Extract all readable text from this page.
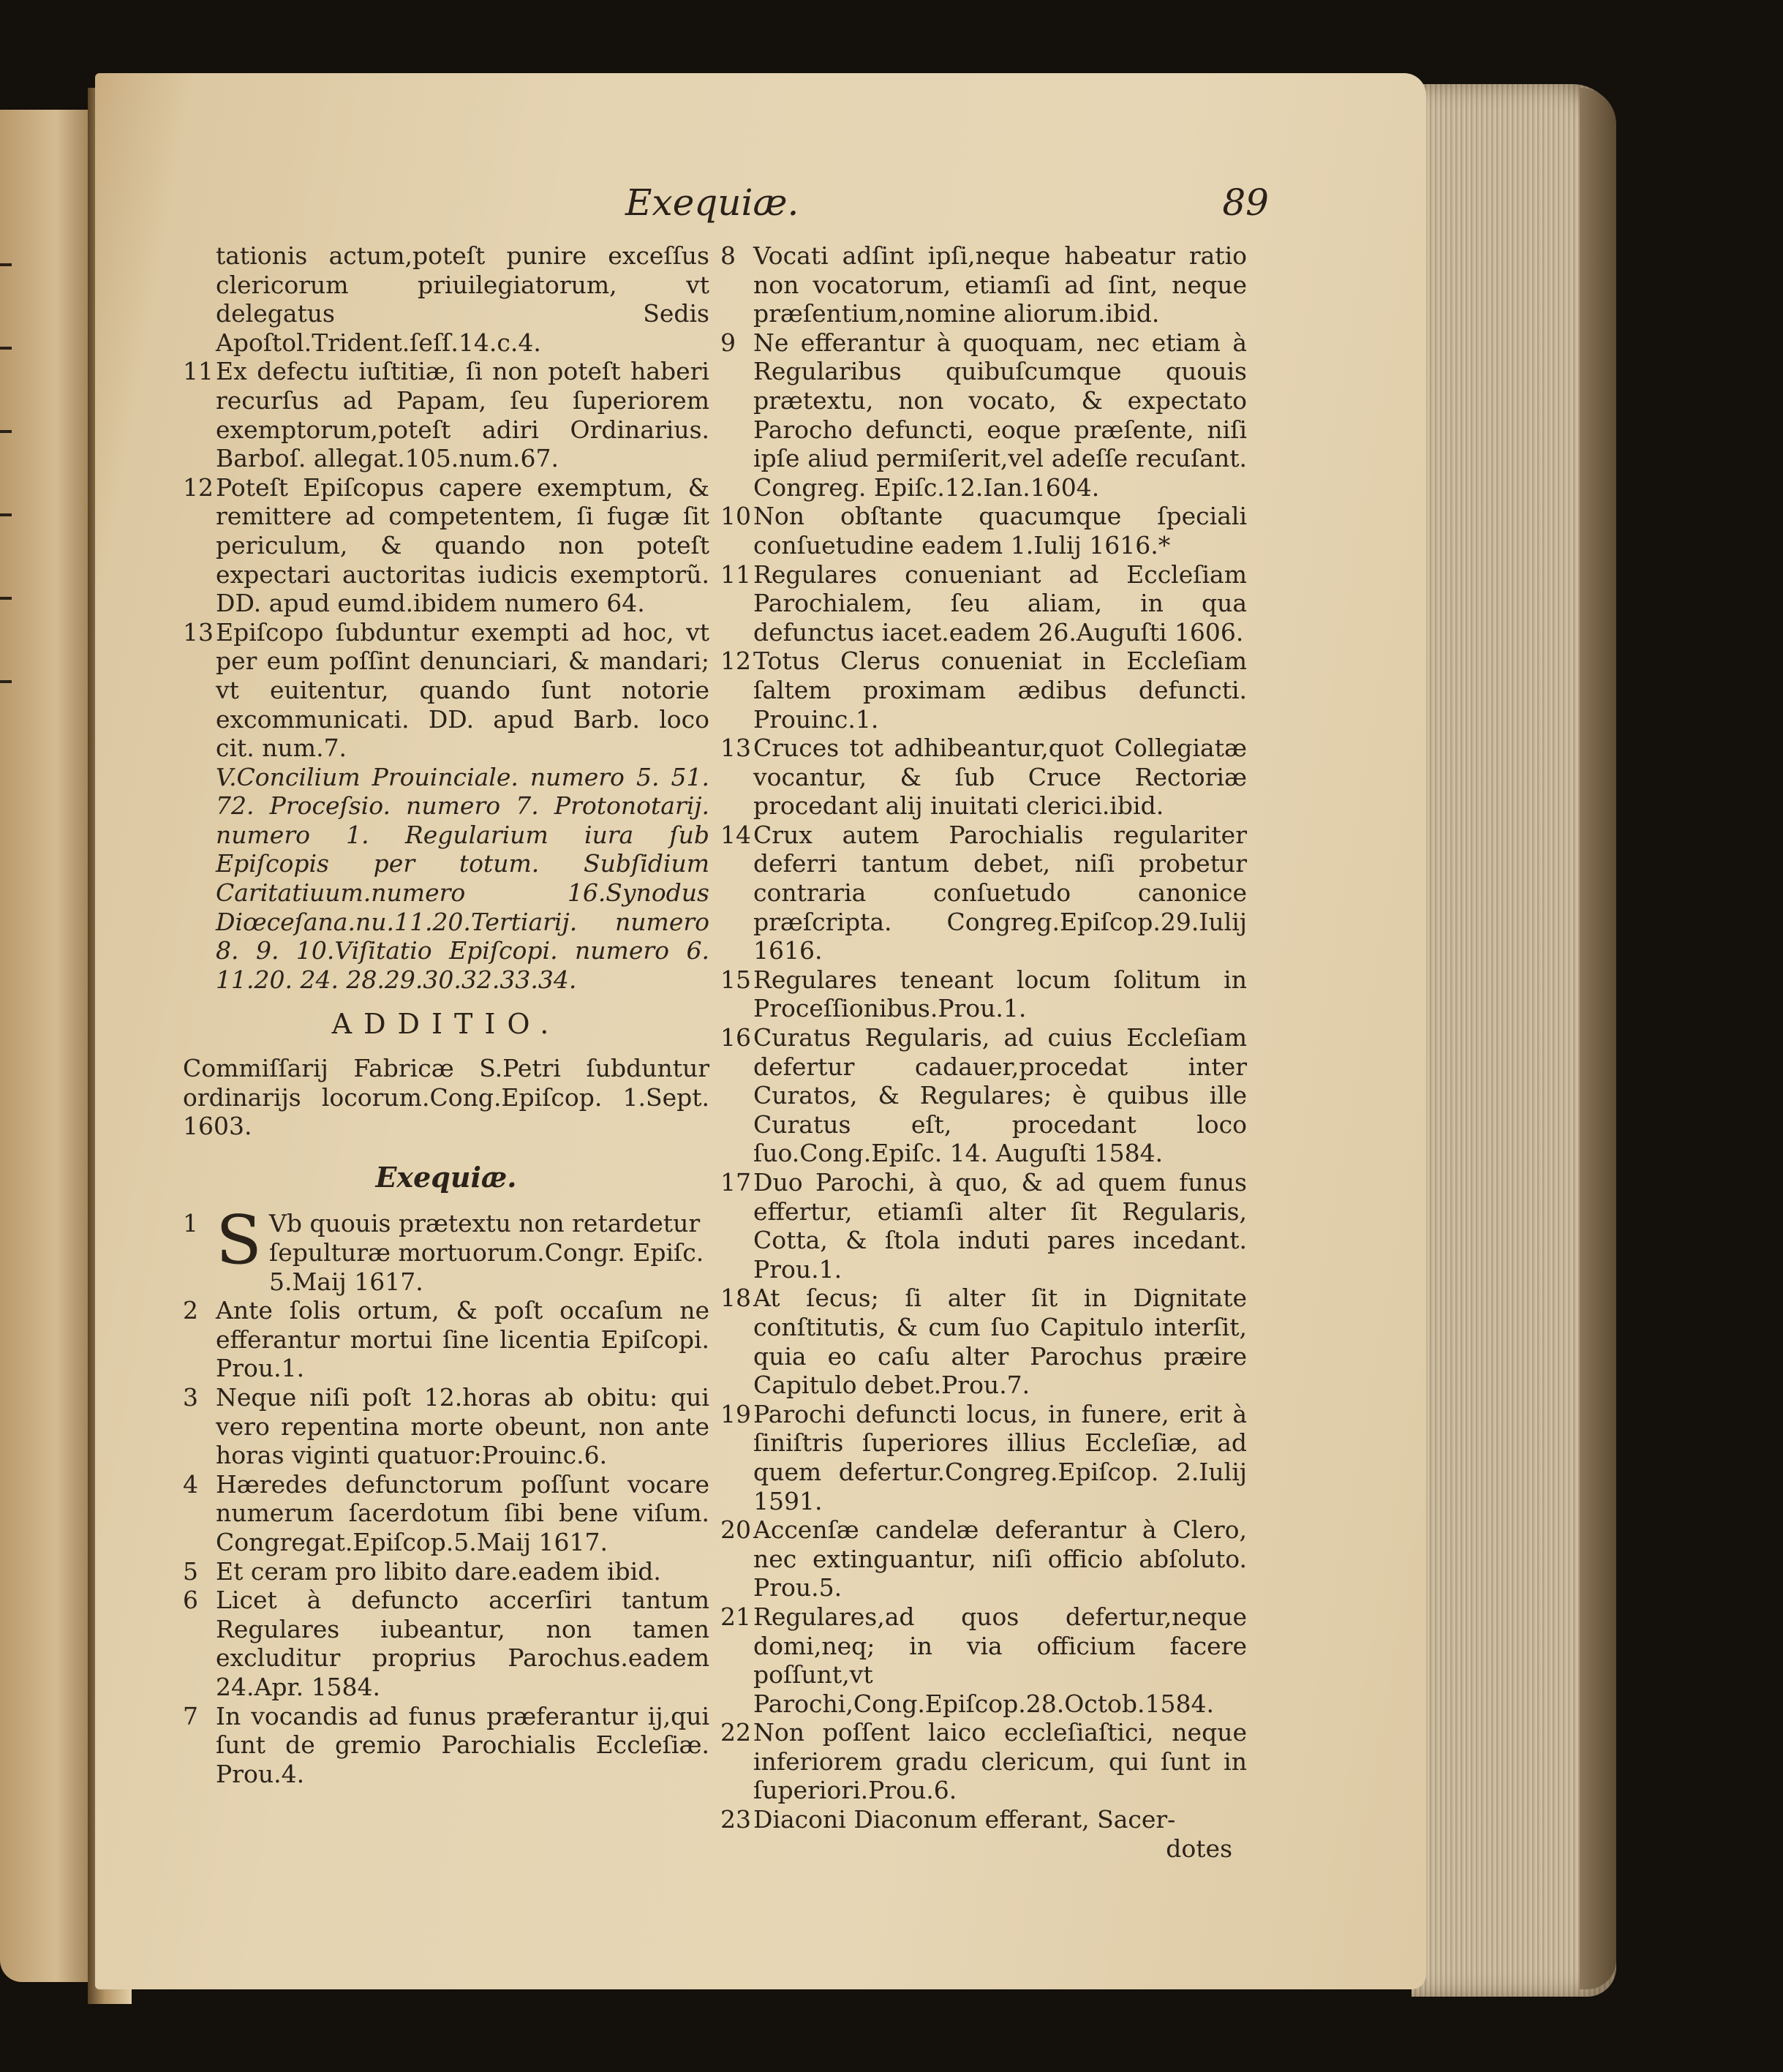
Exequiæ.	89
tationis actum,poteſt punire exceſſus clericorum priuilegiatorum, vt delegatus Sedis Apoſtol.Trident.ſeſſ.14.c.4.
11 Ex defectu iuſtitiæ, ſi non poteſt haberi recurſus ad Papam, ſeu ſuperiorem exemptorum,poteſt adiri Ordinarius. Barboſ. allegat.105.num.67.
12 Poteſt Epiſcopus capere exemptum, & remittere ad competentem, ſi fugæ ſit periculum, & quando non poteſt expectari auctoritas iudicis exemptorũ. DD. apud eumd.ibidem numero 64.
13 Epiſcopo ſubduntur exempti ad hoc, vt per eum poſſint denunciari, & mandari; vt euitentur, quando ſunt notorie excommunicati. DD. apud Barb. loco cit. num.7.
V.Concilium Prouinciale. numero 5. 51. 72. Proceſsio. numero 7. Protonotarij. numero 1. Regularium iura ſub Epiſcopis per totum. Subſidium Caritatiuum.numero 16.Synodus Diœceſana.nu.11.20.Tertiarij. numero 8. 9. 10.Viſitatio Epiſcopi. numero 6. 11.20. 24. 28.29.30.32.33.34.
ADDITIO.
Commiſſarij Fabricæ S.Petri ſubduntur ordinarijs locorum.Cong.Epiſcop. 1.Sept. 1603.
Exequiæ.
1 S Vb quouis prætextu non retardetur ſepulturæ mortuorum.Congr. Epiſc. 5.Maij 1617.
2 Ante ſolis ortum, & poſt occaſum ne efferantur mortui ſine licentia Epiſcopi. Prou.1.
3 Neque niſi poſt 12.horas ab obitu: qui vero repentina morte obeunt, non ante horas viginti quatuor:Prouinc.6.
4 Hæredes defunctorum poſſunt vocare numerum ſacerdotum ſibi bene viſum. Congregat.Epiſcop.5.Maij 1617.
5 Et ceram pro libito dare.eadem ibid.
6 Licet à defuncto accerſiri tantum Regulares iubeantur, non tamen excluditur proprius Parochus.eadem 24.Apr. 1584.
7 In vocandis ad funus præferantur ij,qui ſunt de gremio Parochialis Eccleſiæ. Prou.4.
8 Vocati adſint ipſi,neque habeatur ratio non vocatorum, etiamſi ad ſint, neque præſentium,nomine aliorum.ibid.
9 Ne efferantur à quoquam, nec etiam à Regularibus quibuſcumque quouis prætextu, non vocato, & expectato Parocho defuncti, eoque præſente, niſi ipſe aliud permiſerit,vel adeſſe recuſant. Congreg. Epiſc.12.Ian.1604.
10 Non obſtante quacumque ſpeciali conſuetudine eadem 1.Iulij 1616.*
11 Regulares conueniant ad Eccleſiam Parochialem, ſeu aliam, in qua defunctus iacet.eadem 26.Auguſti 1606.
12 Totus Clerus conueniat in Eccleſiam ſaltem proximam ædibus defuncti. Prouinc.1.
13 Cruces tot adhibeantur,quot Collegiatæ vocantur, & ſub Cruce Rectoriæ procedant alij inuitati clerici.ibid.
14 Crux autem Parochialis regulariter deferri tantum debet, niſi probetur contraria conſuetudo canonice præſcripta. Congreg.Epiſcop.29.Iulij 1616.
15 Regulares teneant locum ſolitum in Proceſſionibus.Prou.1.
16 Curatus Regularis, ad cuius Eccleſiam defertur cadauer,procedat inter Curatos, & Regulares; è quibus ille Curatus eſt, procedant loco ſuo.Cong.Epiſc. 14. Auguſti 1584.
17 Duo Parochi, à quo, & ad quem funus effertur, etiamſi alter ſit Regularis, Cotta, & ſtola induti pares incedant. Prou.1.
18 At ſecus; ſi alter ſit in Dignitate conſtitutis, & cum ſuo Capitulo interſit, quia eo caſu alter Parochus præire Capitulo debet.Prou.7.
19 Parochi defuncti locus, in funere, erit à ſiniſtris ſuperiores illius Eccleſiæ, ad quem defertur.Congreg.Epiſcop. 2.Iulij 1591.
20 Accenſæ candelæ deferantur à Clero, nec extinguantur, niſi officio abſoluto. Prou.5.
21 Regulares,ad quos defertur,neque domi,neq; in via officium facere poſſunt,vt Parochi,Cong.Epiſcop.28.Octob.1584.
22 Non poſſent laico eccleſiaſtici, neque inferiorem gradu clericum, qui ſunt in ſuperiori.Prou.6.
23 Diaconi Diaconum efferant, Sacer-
dotes
